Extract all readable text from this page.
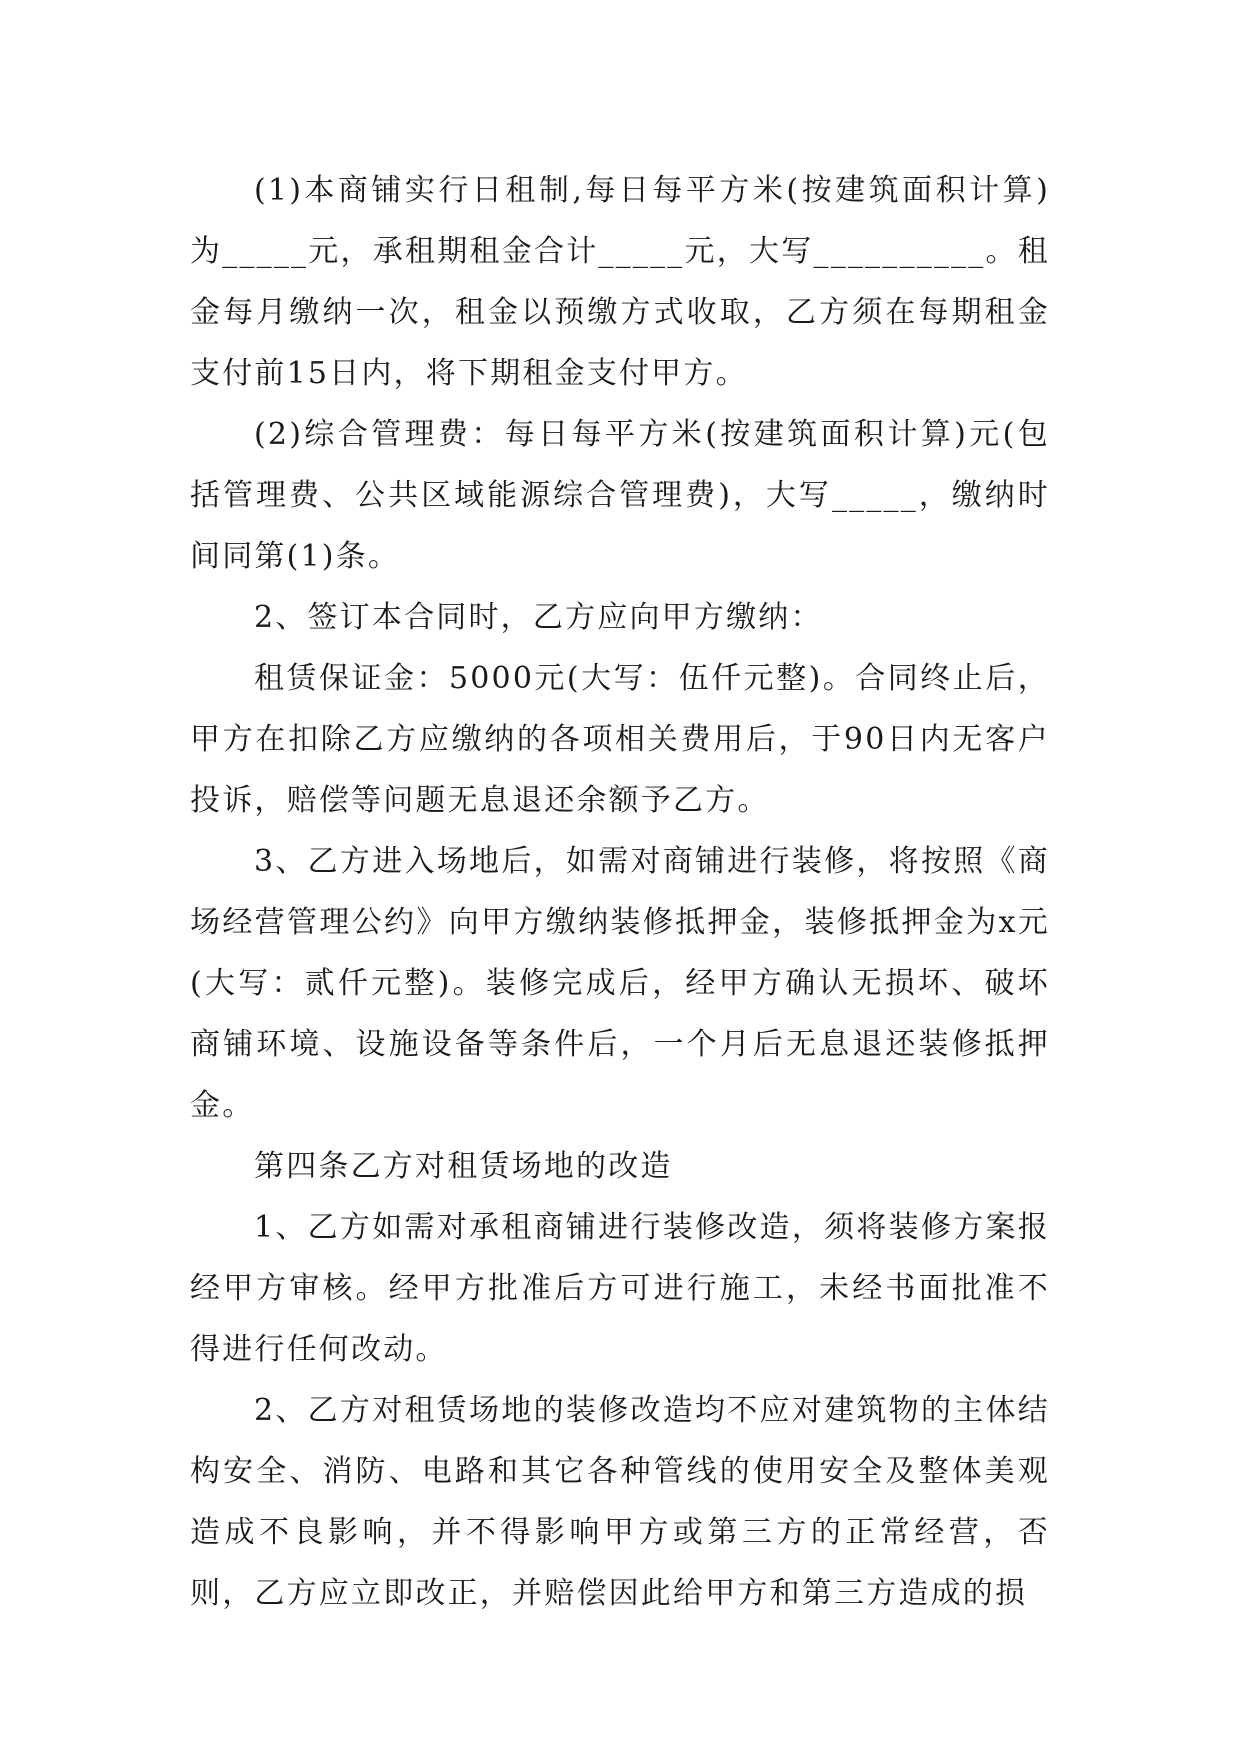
(1)本商铺实行日租制,每日每平方米(按建筑面积计算)为_____元，承租期租金合计_____元，大写__________。租金每月缴纳一次，租金以预缴方式收取，乙方须在每期租金支付前15日内，将下期租金支付甲方。

(2)综合管理费：每日每平方米(按建筑面积计算)元(包括管理费、公共区域能源综合管理费)，大写_____，缴纳时间同第(1)条。

2、签订本合同时，乙方应向甲方缴纳：

租赁保证金：5000元(大写：伍仟元整)。合同终止后，甲方在扣除乙方应缴纳的各项相关费用后，于90日内无客户投诉，赔偿等问题无息退还余额予乙方。

3、乙方进入场地后，如需对商铺进行装修，将按照《商场经营管理公约》向甲方缴纳装修抵押金，装修抵押金为x元(大写：贰仟元整)。装修完成后，经甲方确认无损坏、破坏商铺环境、设施设备等条件后，一个月后无息退还装修抵押金。

第四条乙方对租赁场地的改造

1、乙方如需对承租商铺进行装修改造，须将装修方案报经甲方审核。经甲方批准后方可进行施工，未经书面批准不得进行任何改动。

2、乙方对租赁场地的装修改造均不应对建筑物的主体结构安全、消防、电路和其它各种管线的使用安全及整体美观造成不良影响，并不得影响甲方或第三方的正常经营，否则，乙方应立即改正，并赔偿因此给甲方和第三方造成的损
